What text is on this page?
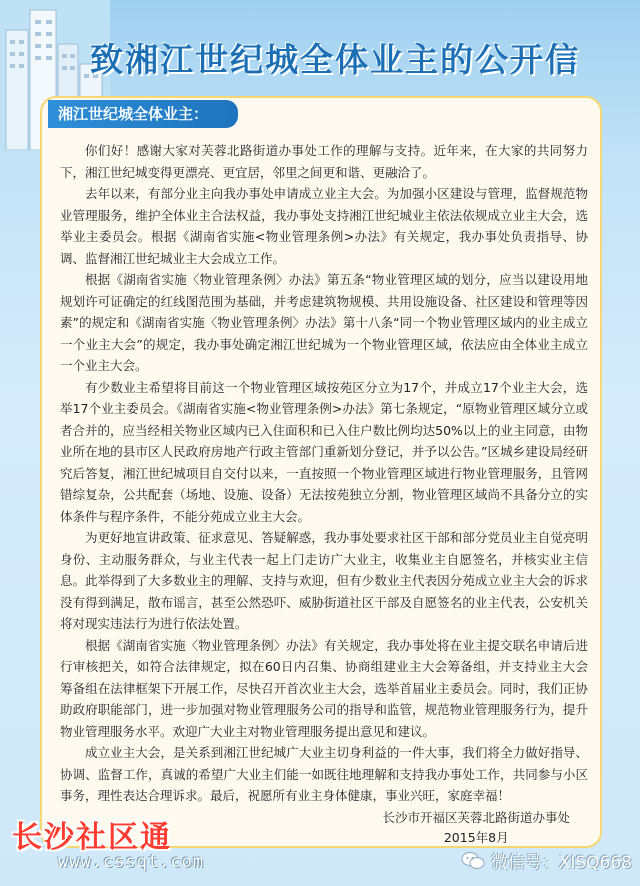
致湘江世纪城全体业主的公开信
湘江世纪城全体业主：

你们好！感谢大家对芙蓉北路街道办事处工作的理解与支持。近年来，在大家的共同努力下，湘江世纪城变得更漂亮、更宜居，邻里之间更和谐、更融洽了。

去年以来，有部分业主向我办事处申请成立业主大会。为加强小区建设与管理，监督规范物业管理服务，维护全体业主合法权益，我办事处支持湘江世纪城业主依法依规成立业主大会，选举业主委员会。根据《湖南省实施<物业管理条例>办法》有关规定，我办事处负责指导、协调、监督湘江世纪城业主大会成立工作。

根据《湖南省实施〈物业管理条例〉办法》第五条“物业管理区域的划分，应当以建设用地规划许可证确定的红线图范围为基础，并考虑建筑物规模、共用设施设备、社区建设和管理等因素”的规定和《湖南省实施〈物业管理条例〉办法》第十八条“同一个物业管理区域内的业主成立一个业主大会”的规定，我办事处确定湘江世纪城为一个物业管理区域，依法应由全体业主成立一个业主大会。

有少数业主希望将目前这一个物业管理区域按苑区分立为17个，并成立17个业主大会，选举17个业主委员会。《湖南省实施<物业管理条例>办法》第七条规定，“原物业管理区域分立或者合并的，应当经相关物业区域内已入住面积和已入住户数比例均达50%以上的业主同意，由物业所在地的县市区人民政府房地产行政主管部门重新划分登记，并予以公告。”区城乡建设局经研究后答复，湘江世纪城项目自交付以来，一直按照一个物业管理区域进行物业管理服务，且管网错综复杂，公共配套（场地、设施、设备）无法按苑独立分割，物业管理区域尚不具备分立的实体条件与程序条件，不能分苑成立业主大会。

为更好地宣讲政策、征求意见、答疑解惑，我办事处要求社区干部和部分党员业主自觉亮明身份、主动服务群众，与业主代表一起上门走访广大业主，收集业主自愿签名，并核实业主信息。此举得到了大多数业主的理解、支持与欢迎，但有少数业主代表因分苑成立业主大会的诉求没有得到满足，散布谣言，甚至公然恐吓、威胁街道社区干部及自愿签名的业主代表，公安机关将对现实违法行为进行依法处置。

根据《湖南省实施〈物业管理条例〉办法》有关规定，我办事处将在业主提交联名申请后进行审核把关，如符合法律规定，拟在60日内召集、协商组建业主大会筹备组，并支持业主大会筹备组在法律框架下开展工作，尽快召开首次业主大会，选举首届业主委员会。同时，我们正协助政府职能部门，进一步加强对物业管理服务公司的指导和监管，规范物业管理服务行为，提升物业管理服务水平。欢迎广大业主对物业管理服务提出意见和建议。

成立业主大会，是关系到湘江世纪城广大业主切身利益的一件大事，我们将全力做好指导、协调、监督工作，真诚的希望广大业主们能一如既往地理解和支持我办事处工作，共同参与小区事务，理性表达合理诉求。最后，祝愿所有业主身体健康，事业兴旺，家庭幸福！

长沙市开福区芙蓉北路街道办事处
2015年8月
长沙社区通
www.cssqt.com	微信号：XISQ668
